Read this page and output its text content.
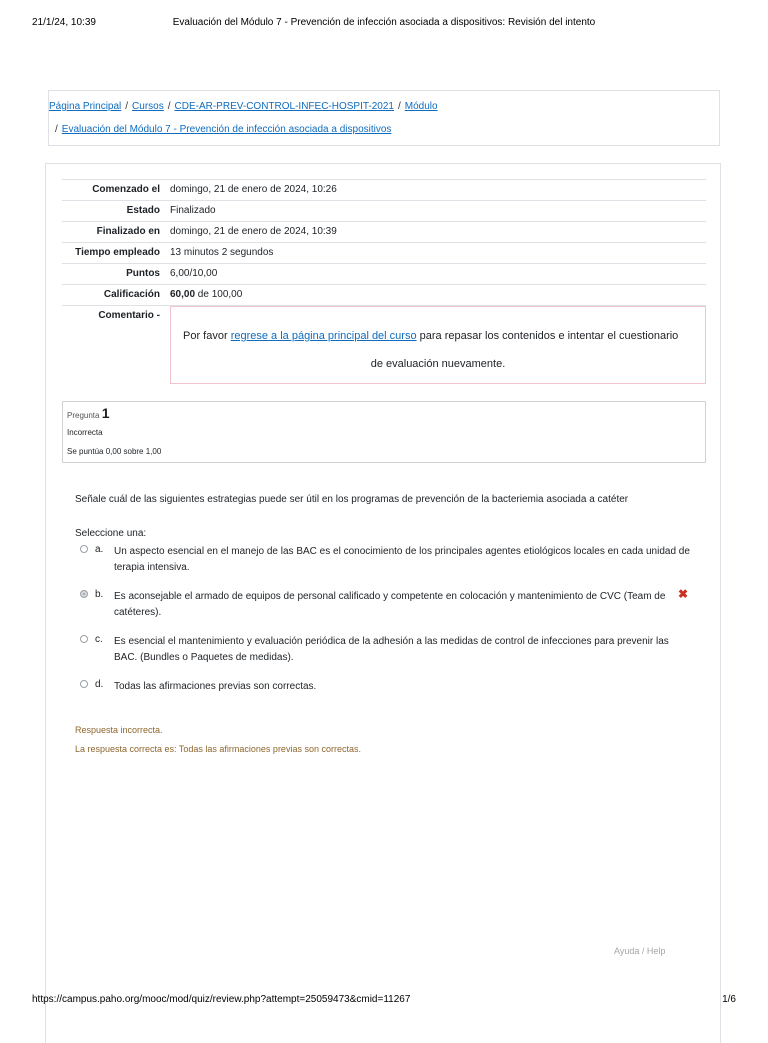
21/1/24, 10:39	Evaluación del Módulo 7 - Prevención de infección asociada a dispositivos: Revisión del intento
Página Principal / Cursos / CDE-AR-PREV-CONTROL-INFEC-HOSPIT-2021 / Módulo
/ Evaluación del Módulo 7 - Prevención de infección asociada a dispositivos
Comenzado el	domingo, 21 de enero de 2024, 10:26
Estado	Finalizado
Finalizado en	domingo, 21 de enero de 2024, 10:39
Tiempo empleado	13 minutos 2 segundos
Puntos	6,00/10,00
Calificación	60,00 de 100,00
Comentario -	Por favor regrese a la página principal del curso para repasar los contenidos e intentar el cuestionario
de evaluación nuevamente.
Pregunta 1
Incorrecta
Se puntúa 0,00 sobre 1,00
Señale cuál de las siguientes estrategias puede ser útil en los programas de prevención de la bacteriemia asociada a catéter
Seleccione una:
a. Un aspecto esencial en el manejo de las BAC es el conocimiento de los principales agentes etiológicos locales en cada unidad de terapia intensiva.
b. Es aconsejable el armado de equipos de personal calificado y competente en colocación y mantenimiento de CVC (Team de catéteres).
✖
c. Es esencial el mantenimiento y evaluación periódica de la adhesión a las medidas de control de infecciones para prevenir las BAC. (Bundles o Paquetes de medidas).
d. Todas las afirmaciones previas son correctas.
Respuesta incorrecta.
La respuesta correcta es: Todas las afirmaciones previas son correctas.
Ayuda / Help
https://campus.paho.org/mooc/mod/quiz/review.php?attempt=25059473&cmid=11267	1/6
